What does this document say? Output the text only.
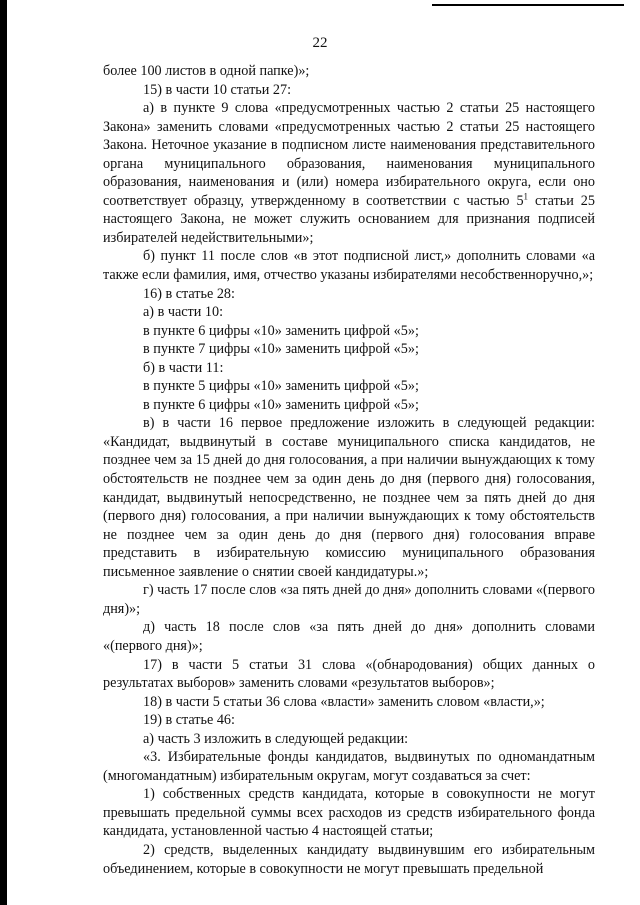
22

более 100 листов в одной папке)»;

15) в части 10 статьи 27:

а) в пункте 9 слова «предусмотренных частью 2 статьи 25 настоящего Закона» заменить словами «предусмотренных частью 2 статьи 25 настоящего Закона. Неточное указание в подписном листе наименования представительного органа муниципального образования, наименования муниципального образования, наименования и (или) номера избирательного округа, если оно соответствует образцу, утвержденному в соответствии с частью $5^1$ статьи 25 настоящего Закона, не может служить основанием для признания подписей избирателей недействительными»;

б) пункт 11 после слов «в этот подписной лист,» дополнить словами «а также если фамилия, имя, отчество указаны избирателями несобственноручно,»;

16) в статье 28:

а) в части 10:

в пункте 6 цифры «10» заменить цифрой «5»;

в пункте 7 цифры «10» заменить цифрой «5»;

б) в части 11:

в пункте 5 цифры «10» заменить цифрой «5»;

в пункте 6 цифры «10» заменить цифрой «5»;

в) в части 16 первое предложение изложить в следующей редакции: «Кандидат, выдвинутый в составе муниципального списка кандидатов, не позднее чем за 15 дней до дня голосования, а при наличии вынуждающих к тому обстоятельств не позднее чем за один день до дня (первого дня) голосования, кандидат, выдвинутый непосредственно, не позднее чем за пять дней до дня (первого дня) голосования, а при наличии вынуждающих к тому обстоятельств не позднее чем за один день до дня (первого дня) голосования вправе представить в избирательную комиссию муниципального образования письменное заявление о снятии своей кандидатуры.»;

г) часть 17 после слов «за пять дней до дня» дополнить словами «(первого дня)»;

д) часть 18 после слов «за пять дней до дня» дополнить словами «(первого дня)»;

17) в части 5 статьи 31 слова «(обнародования) общих данных о результатах выборов» заменить словами «результатов выборов»;

18) в части 5 статьи 36 слова «власти» заменить словом «власти,»;

19) в статье 46:

а) часть 3 изложить в следующей редакции:

«3. Избирательные фонды кандидатов, выдвинутых по одномандатным (многомандатным) избирательным округам, могут создаваться за счет:

1) собственных средств кандидата, которые в совокупности не могут превышать предельной суммы всех расходов из средств избирательного фонда кандидата, установленной частью 4 настоящей статьи;

2) средств, выделенных кандидату выдвинувшим его избирательным объединением, которые в совокупности не могут превышать предельной
